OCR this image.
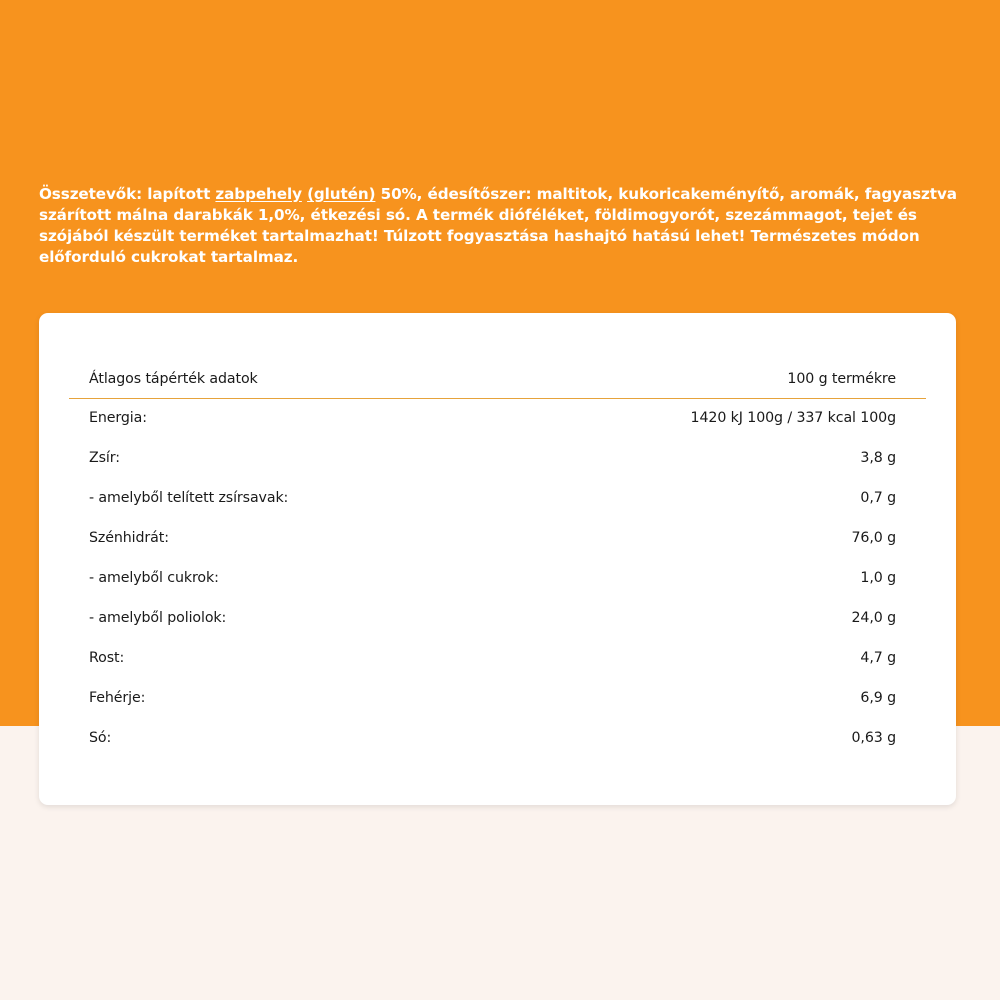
Összetevők: lapított zabpehely (glutén) 50%, édesítőszer: maltitok, kukoricakeményítő, aromák, fagyasztva szárított málna darabkák 1,0%, étkezési só. A termék dióféléket, földimogyorót, szezámmagot, tejet és szójából készült terméket tartalmazhat! Túlzott fogyasztása hashajtó hatású lehet! Természetes módon előforduló cukrokat tartalmaz.

Átlagos tápérték adatok	100 g termékre
Energia:	1420 kJ 100g / 337 kcal 100g
Zsír:	3,8 g
- amelyből telített zsírsavak:	0,7 g
Szénhidrát:	76,0 g
- amelyből cukrok:	1,0 g
- amelyből poliolok:	24,0 g
Rost:	4,7 g
Fehérje:	6,9 g
Só:	0,63 g
